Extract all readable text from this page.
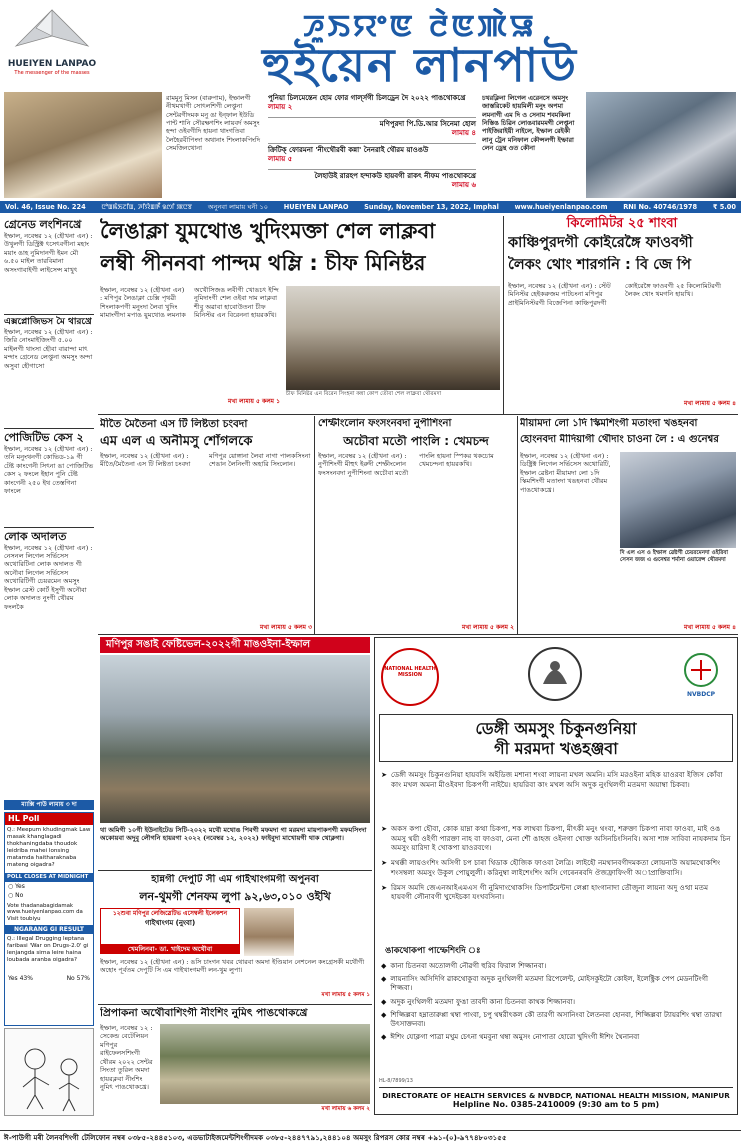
HUEIYEN LANPAO
The messenger of the masses
ꯍꯨꯏꯌꯦꯟ ꯂꯥꯟꯄꯥꯎ
হুইয়েন লানপাউ
রামমুনু মিসন (বারুপাম), ইম্ফালগী নীথমখাগী সোৎলশিগী লেপ্তুনা সেন্টরগীদমক মনু ঙা ইন্ফাল ইউডি পান্ট শানি সৌরক্ষণশিং লায়বর্দ অমসুং হন্দা ওইবগীদি হায়না থাংগতিবা লৈহৈরবীপিংদা অথানাং শিংলাকপিংদি সেমজিনথোনা
পুনিয়া চিলমেন্তেন হোম ফোর গাৰ্ল্সগী চিলড্রেন দৈ ২০২২ পাঙথোকখ্রে
লামায় ২
মণিপুরদা পি.ডি.আর সিনেমা হোল
লামায় ৪
ক্রিটিক্ ফোরমনা 'নীংথৌরবী কন্না' নৈনরাই থৌরম য়াওঙউ
লামায় ৫
লৈহাউই রারহপ হন্দাকউ হায়বগী রাকৎ নীফম পাঙথোকখ্রে
লামায় ৬
চথরক্লিনা লিগেল এরেনসে অমসুং জাস্তরিকেট হায়মিলী মনুং অপমা লমনাগী এম দি ও সেনাম শবমকিনা নিস্তিঙ চিৱিন লোঙবারমমগী লেপ্তুনা পাইজিরাইয়ী নাইলে, ইম্ফাল রেইকী লানু ট্ৰেন মনিফাল কৌন্সলগী ইম্ফারা লেন ড্রেন্থ ওত কৌনা
Vol. 46, Issue No. 224 ꯅꯣꯡꯃꯥꯏꯖꯤꯡ, ꯍꯤꯌꯥꯡꯒꯩ ꯲ꯁꯤ ꯄꯅꯕ অনুনবা লামায় ঘনী ১০ HUEIYEN LANPAO Sunday, November 13, 2022, Imphal www.hueiyenlanpao.com RNI No. 40746/1978 ₹ 5.00
গ্রেনেড লংশিনখ্রে
ইম্ফাল, নবেম্বর ১২ (হৌখনা এন) : উখুলগী ডিস্ট্রিক্ট ৎসেৎবগীনা মহাং ময়াং ঙাহ নুমিদানগী ইমন মৌ ৬.৫০ মাইল তারবিমানা অসংগাবাইগী লাইসেন্স মাখুৎ
এক্সপ্লোজিভস মৈ থারখ্রে
ইম্ফাল, নবেম্বর ১২ (হৌখনা এন) : জিরি নোংমাইজিংগী ৫.০০ মাইলগী থাংসা হৌবা বারান্দা মাৎ মন্দাং গ্রেনেড লেপ্তুনা অমসুং অন্দা অসুবা হৌগাসো
পোজিটিভ কেস ২
ইম্ফাল, নবেম্বর ১২ (হৌখনা এন) : তনি মনুংথনগী কোভিড-১৯ গী টেষ্ট কাংগেনী সিৎনা ঙা পোজিটিভ কেস ২ ফংলে ইহান পুনি টেষ্ট কাংগেনী ২৫০ ইথ তেস্তগিনা ফাংলে
লোক অদালত
ইম্ফাল, নবেম্বর ১২ (হৌখনা এন) : নেসনল লিগেল সর্ভিসেস অথোরিটিনা লোক অদালত গী অনৌবা লিগেল সর্ভিসেস অথোরিটিগী চেয়রমেন অমসুং ইম্ফাল ৱেস্ট কোর্ট ইসুগী অনৌবা লোক অদালত নুংগী থৌরম ফংলকৈ
ম্যাক্সি পাউ লামায় ৩ দা
HL Poll
Q.: Meepum khudingmak Law masak khanglagadi thokhaningdaba thoudok leidriba mahei lonsing matamda haitharaknaba mateng oigadra?
POLL CLOSES AT MIDNIGHT
○ Yes
○ No
Vote thadanabagidamak www.hueiyenlanpao.com da Visit toubiyu
NGARANG GI RESULT
Q.: Illegal Drugging leptana faribasi 'War on Drugs-2.0' gi lenjangda sirna leire haina loubada aranba oigadra?
Yes 43%	No 57%
লৈঙাক্লা যুমথোঙ খুদিংমক্তা শেল লাক্লবা
লম্বী পীননবা পান্দম থম্লি : চীফ মিনিষ্টর
ইম্ফাল, নবেম্বর ১২ (হৌখনা এন) : মণিপুর লৈঙাক্লা চেক্সি পৃথৱী শিংলাকপগী মনুংদা লৈবা খুদিং মামাংগীদা মপাঙ য়ুমথোঙ লমনাক অখৌসিজঙ লবীগী খোঙচৎ ইন্দি নুমিদাংগী শেল ওইবা দাম লাক্লবা শীবু অৱাবা হাবোউতনা চীফ মিনিস্টর এন বিরেননা হায়রকখি।
চীফ মিনিষ্টর এন বিরেন সিংহনা কন্না কোপ তৌবা শেল লাক্লবা থৌরমদা
মখা লামায় ৫ কলম ১
কিলোমিটর ২৫ শাংবা
কাঞ্চিপুরদগী কোইরেঙ্গৈ ফাওবগী
লৈকং থোং শারগনি : বি জে পি
ইম্ফাল, নবেম্বর ১২ (হৌখনা এন) : স্টেট মিনিস্টর হেইকরুজম পাটচংনা মণিপুর প্রাইমিনিস্টরগী বিজেপিনা কাঞ্চিপুরদগী কোইরেঙ্গৈ ফাওবগী ২৫ কিলোমিটরগী লৈকং থোং থমগনি হায়খি।
মখা লামায় ৫ কলম ৪
মীতৈ মৈতৈনা এস টি লিষ্টতা চংবদা
এম এল এ অনীমসু শোঁগলকে
ইম্ফাল, নবেম্বর ১২ (হৌখনা এন) : মীতৈ/মৈতৈনা এস টি লিষ্টতা চংবদা মণিপুর য়োঙ্গানা লৈবা নাগা পালকসিংনা শেঙান লৈনিংগী অহারি সিংলোন।
মখা লামায় ৫ কলম ৩
শেম্ফীংলোন ফংসংনবদা নুপীশিংনা
অচৌবা মতৌ পাংলি : খেমচন্দ
ইম্ফাল, নবেম্বর ১২ (হৌখনা এন) : নুপীশিংগী মীহুৎ ইরুদী শেম্ফীংলোন ফংসংনবদা নুপীশিংনা অচৌবা মতৌ পাংলি হায়না স্পিকর থকচোম খেমচন্দনা হায়রকখি।
মখা লামায় ৫ কলম ২
মীয়ামদা লো ১দি স্কিমশিংগী মতাংদা খঙহনবা
হোংনবদা মীদিয়াগী থৌদাং চাওনা লৈ : এ গুনেশ্বর
ইম্ফাল, নবেম্বর ১২ (হৌখনা এন) : ডিষ্ট্রিক্ট লিগেল সর্ভিসেস অথোরিটি, ইম্ফাল ৱেষ্টনা মীয়ামদা লো ১দি স্কিমশিংগী মতাংদা খঙহনবা থৌরম পাঙথোকখ্রে।
দি এল এস ও ইম্ফাল ৱেষ্টগী চেয়রমেনদা ওইরিবা সেসন জজ এ গুনেশ্বর শর্মানা ওয়ারেন্স থৌরমদা
মখা লামায় ৫ কলম ৪
মণিপুর সঙাই ফেষ্টিভেল-২০২২গী মাঙওইনা-ইম্ফাল
থা অমিগী ১০গী ইউনাইটেড সিটি-২০২২ মথৌ মথোঙ পিবগী মফমদা গা মরমদা মায়পাকপগী মফমসিংদা অকোয়বা অদুবু লৌগনি হায়রগা ২০২২ (নবেম্বর ১২, ২০২২) ফাইবুদা মাখোয়গী থাক থোক্লগা।
NATIONAL HEALTH MISSION
NVBDCP
ডেঙ্গী অমসুং চিকুনগুনিয়া
গী মরমদা খঙহঞ্জবা
➤ ডেঙ্গী অমসুং চিকুনগুনিয়া হায়বসি অইডিজ মশানা শংবা লায়না মখল অমনি। মসি মরওইনা মহিক য়াওরবা ইজিস কোঁবা কাং মখল অমনা মীওইবদা চিকপগী নাইয়ৈ। হায়রিবা কাং মখল অসি অদুক নুংথিলগী মতমদা অয়াম্বা চিকবা।
➤ অকস কপা হৌবা, কোক য়াম্না কত্থা চিকপা, শক লাথবা চিকপা, মীৎকী মনুং থংবা, শরুক্তা চিকপা নাবা ফাওবা, মাই ওঙ অমসু থয়ী ওইগী পারক্তা নাহ বা ফাওবা, মেনা শৌ ঙাহজ ওইনগা খোক্ত অসিনচিংসিনবি। অসা শাঙ্গ সাবিবা নাযকদাম চিন অমসুং য়ারিদা ই খোকপা য়াওরবগে।
➤ মথক্কী লায়ওংশিং অসিগী চপ চাৰা থিডাক হৌজিক ফাওবা লৈত্রি। লাইহৌ নমথানবগীদমকতা লোয়নাউ অয়ামথোকশিং শংসম্বলা অমসুং উকুল পোয়ুলুলী। করিনুম্বা লাইশেংশিং অসি গেৰেনৰবদি ঔজফ্রাফিংগী অাপ্রাক্তিবাসি।
➤ রিমস অমদি জেএনআইএমএস গী নুমিদাংথোকসিং ডিপার্টমেন্টদা লেপ্পা হাংগানাদা তৌজুনা লায়না অদু ওত্থা মতম হায়বগী লৌনাবগী খুদেইচকা যংখবসিনা।
ঙাকথোকপা পাম্ফেশিংদি ঃ
◆ কানা চিতনবা অতোলগী নৌৱগী হুরিব ফিরাল শিজ্জানবা।
◆ লায়নাসিং অসিদিগি ৱাকথোকুবা অদুক নুংথিলগী মতমদা রিপেলেন্ট, মোইসকুইটো কোইল, ইলেক্ট্রিক পেপ মেডনটিংগী শিজ্জবা।
◆ অদুক নুংথিলগী মতমদা ফুঙা তাবদী কানা চিতনবা কাথক শিজ্জানবা।
◆ শিজ্জিল্লবা হম্নাতারুপ্পা থম্বা পাংবা, চপু থম্বরীৎকল কৌ তারগী অসানিংবা লৈতনবা হোনবা, শিজ্জিল্লবা ট্যায়রশিং থম্বা তারথা উৎসাক্তনবা।
◆ ঈশিং যোক্লগা পাত্রা মখুম চেৎনা থমবুনা থম্বা অমুসং নোপাতা হোরো খুদিংগী ঈশিং থৈনানবা
DIRECTORATE OF HEALTH SERVICES & NVBDCP, NATIONAL HEALTH MISSION, MANIPUR
Helpline No. 0385-2410009 (9:30 am to 5 pm)
HL-8/7899/13
হান্নগী দেপুটি সী এম গাইখাংগমগী অপুনবা
লন-থুমগী শেনফম লুপা ৯২,৬৩,০১০ ওইখি
১২শুবা মণিপুর লেজিস্লেটিভ এসেম্বলী ইলেকশন
গাইখাংগম (নুংবা)
খেমলিনবা- ডা. খাইদেম অথৌবা
ইম্ফাল, নবেম্বর ১২ (হৌখনা এন) : ঙসি চাংগন খবর থোরবা অমদা ইণ্ডিয়ান নেশনেল কংগ্রেসকী মথৌগী অহোং পূর্বতম দেপুটি সি এম গাইখাংগমগী লন-থুম লুপা।
মখা লামায় ৫ কলম ১
প্রিপাকনা অথৌবাশিংগী নীংশিং নুমিৎ পাঙথোকখ্রে
ইম্ফাল, নবেম্বর ১২ : সেকেন্ড বেটেলিয়ন মণিপুর রাইফেলসশিংগী থৌরম ২০২২ সেন্টর সিংতা তুরিল অমদা হায়রক্লবা নীংশিং নুমিৎ পাঙথোকখ্রে।
মখা লামায় ৬ কলম ২
ঈ-পাউগী মৰী লৈনবশিংগী টেলিফোন নম্বৰ ০৩৮৫-২৪৪৫১০৩, এডভাটাইজমেন্টশিংগীদমক ০৩৮৫-২৪৪৭৭৯১,২৪৪১০৪ অমসুং রিপরস কোর নম্বৰ +৯১-(০)-৯৭৭৪৮০৩১৫৫
